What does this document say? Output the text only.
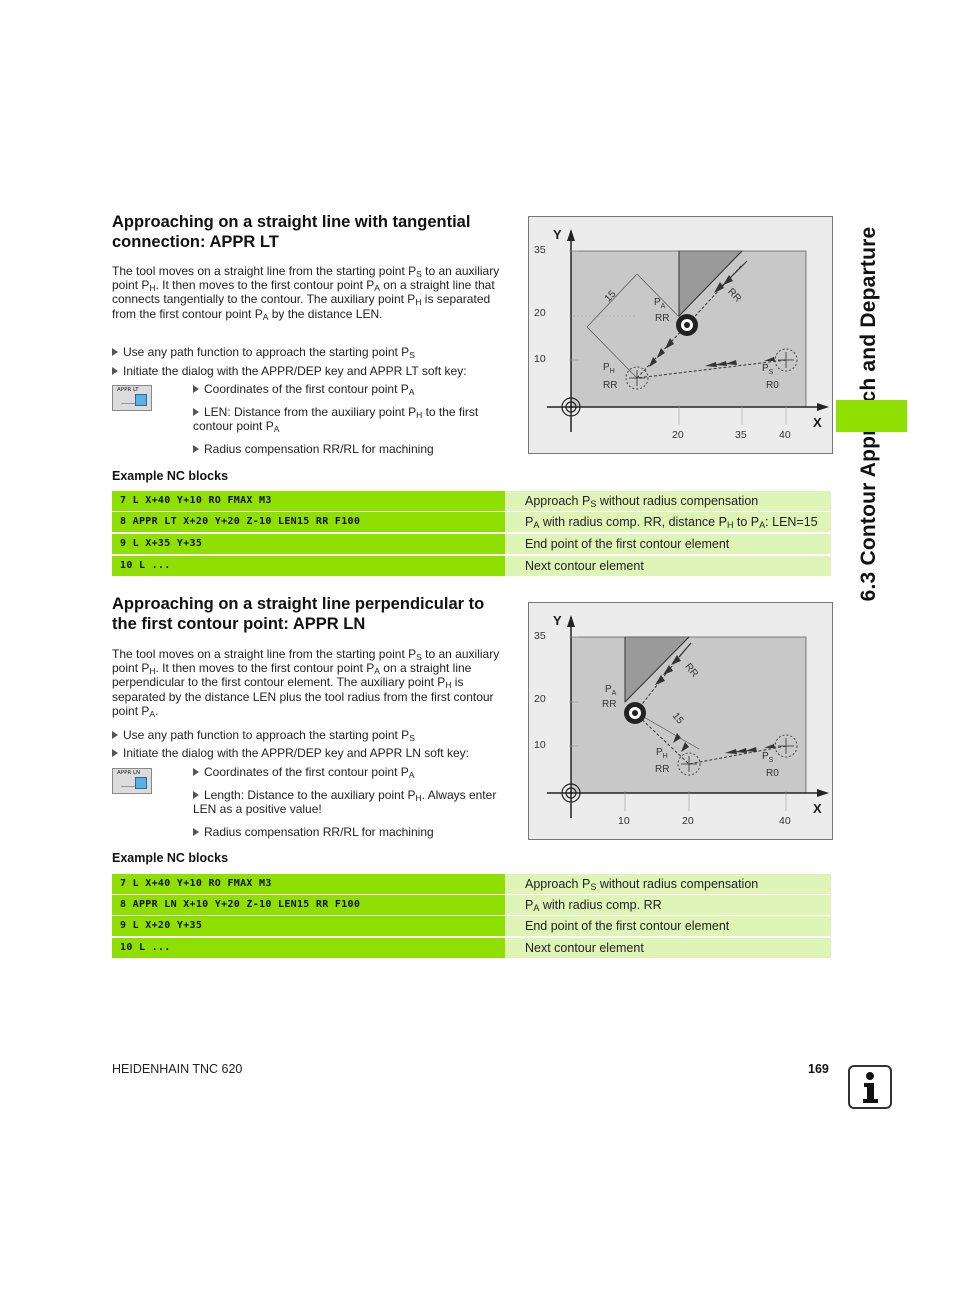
Approaching on a straight line with tangential
connection: APPR LT
The tool moves on a straight line from the starting point $P_S$ to an auxiliary point $P_H$. It then moves to the first contour point $P_A$ on a straight line that connects tangentially to the contour. The auxiliary point $P_H$ is separated from the first contour point $P_A$ by the distance LEN.
Use any path function to approach the starting point $P_S$
Initiate the dialog with the APPR/DEP key and APPR LT soft key:
APPR LT	Coordinates of the first contour point $P_A$
LEN: Distance from the auxiliary point $P_H$ to the first contour point $P_A$
Radius compensation RR/RL for machining
Y
X
35
20
10
20	35	40
15	RR
$P_A$
RR
$P_H$
RR
$P_S$
R0
Example NC blocks
7 L X+40 Y+10 RO FMAX M3	Approach $P_S$ without radius compensation
8 APPR LT X+20 Y+20 Z-10 LEN15 RR F100	$P_A$ with radius comp. RR, distance $P_H$ to $P_A$: LEN=15
9 L X+35 Y+35	End point of the first contour element
10 L ...	Next contour element
Approaching on a straight line perpendicular to
the first contour point: APPR LN
The tool moves on a straight line from the starting point $P_S$ to an auxiliary point $P_H$. It then moves to the first contour point $P_A$ on a straight line perpendicular to the first contour element. The auxiliary point $P_H$ is separated by the distance LEN plus the tool radius from the first contour point $P_A$.
Use any path function to approach the starting point $P_S$
Initiate the dialog with the APPR/DEP key and APPR LN soft key:
APPR LN	Coordinates of the first contour point $P_A$
Length: Distance to the auxiliary point $P_H$. Always enter LEN as a positive value!
Radius compensation RR/RL for machining
Y
X
35
20
10
10	20	40
15
RR
$P_A$
RR
$P_H$
RR
$P_S$
R0
Example NC blocks
7 L X+40 Y+10 RO FMAX M3	Approach $P_S$ without radius compensation
8 APPR LN X+10 Y+20 Z-10 LEN15 RR F100	$P_A$ with radius comp. RR
9 L X+20 Y+35	End point of the first contour element
10 L ...	Next contour element
HEIDENHAIN TNC 620	169
